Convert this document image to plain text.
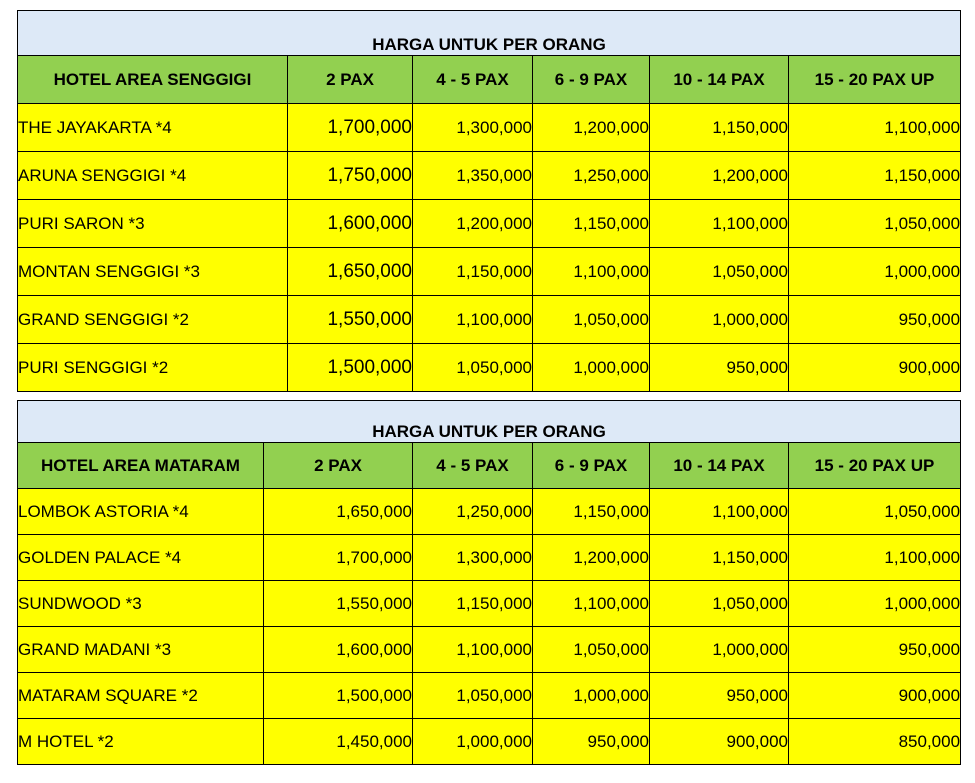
HARGA UNTUK PER ORANG					
HOTEL AREA SENGGIGI	2 PAX	4 - 5 PAX	6 - 9 PAX	10 - 14 PAX	15 - 20 PAX UP
THE JAYAKARTA *4	1,700,000	1,300,000	1,200,000	1,150,000	1,100,000
ARUNA SENGGIGI *4	1,750,000	1,350,000	1,250,000	1,200,000	1,150,000
PURI SARON *3	1,600,000	1,200,000	1,150,000	1,100,000	1,050,000
MONTAN SENGGIGI *3	1,650,000	1,150,000	1,100,000	1,050,000	1,000,000
GRAND SENGGIGI *2	1,550,000	1,100,000	1,050,000	1,000,000	950,000
PURI SENGGIGI *2	1,500,000	1,050,000	1,000,000	950,000	900,000
HARGA UNTUK PER ORANG					
HOTEL AREA MATARAM	2 PAX	4 - 5 PAX	6 - 9 PAX	10 - 14 PAX	15 - 20 PAX UP
LOMBOK ASTORIA *4	1,650,000	1,250,000	1,150,000	1,100,000	1,050,000
GOLDEN PALACE *4	1,700,000	1,300,000	1,200,000	1,150,000	1,100,000
SUNDWOOD *3	1,550,000	1,150,000	1,100,000	1,050,000	1,000,000
GRAND MADANI *3	1,600,000	1,100,000	1,050,000	1,000,000	950,000
MATARAM SQUARE *2	1,500,000	1,050,000	1,000,000	950,000	900,000
M HOTEL *2	1,450,000	1,000,000	950,000	900,000	850,000
